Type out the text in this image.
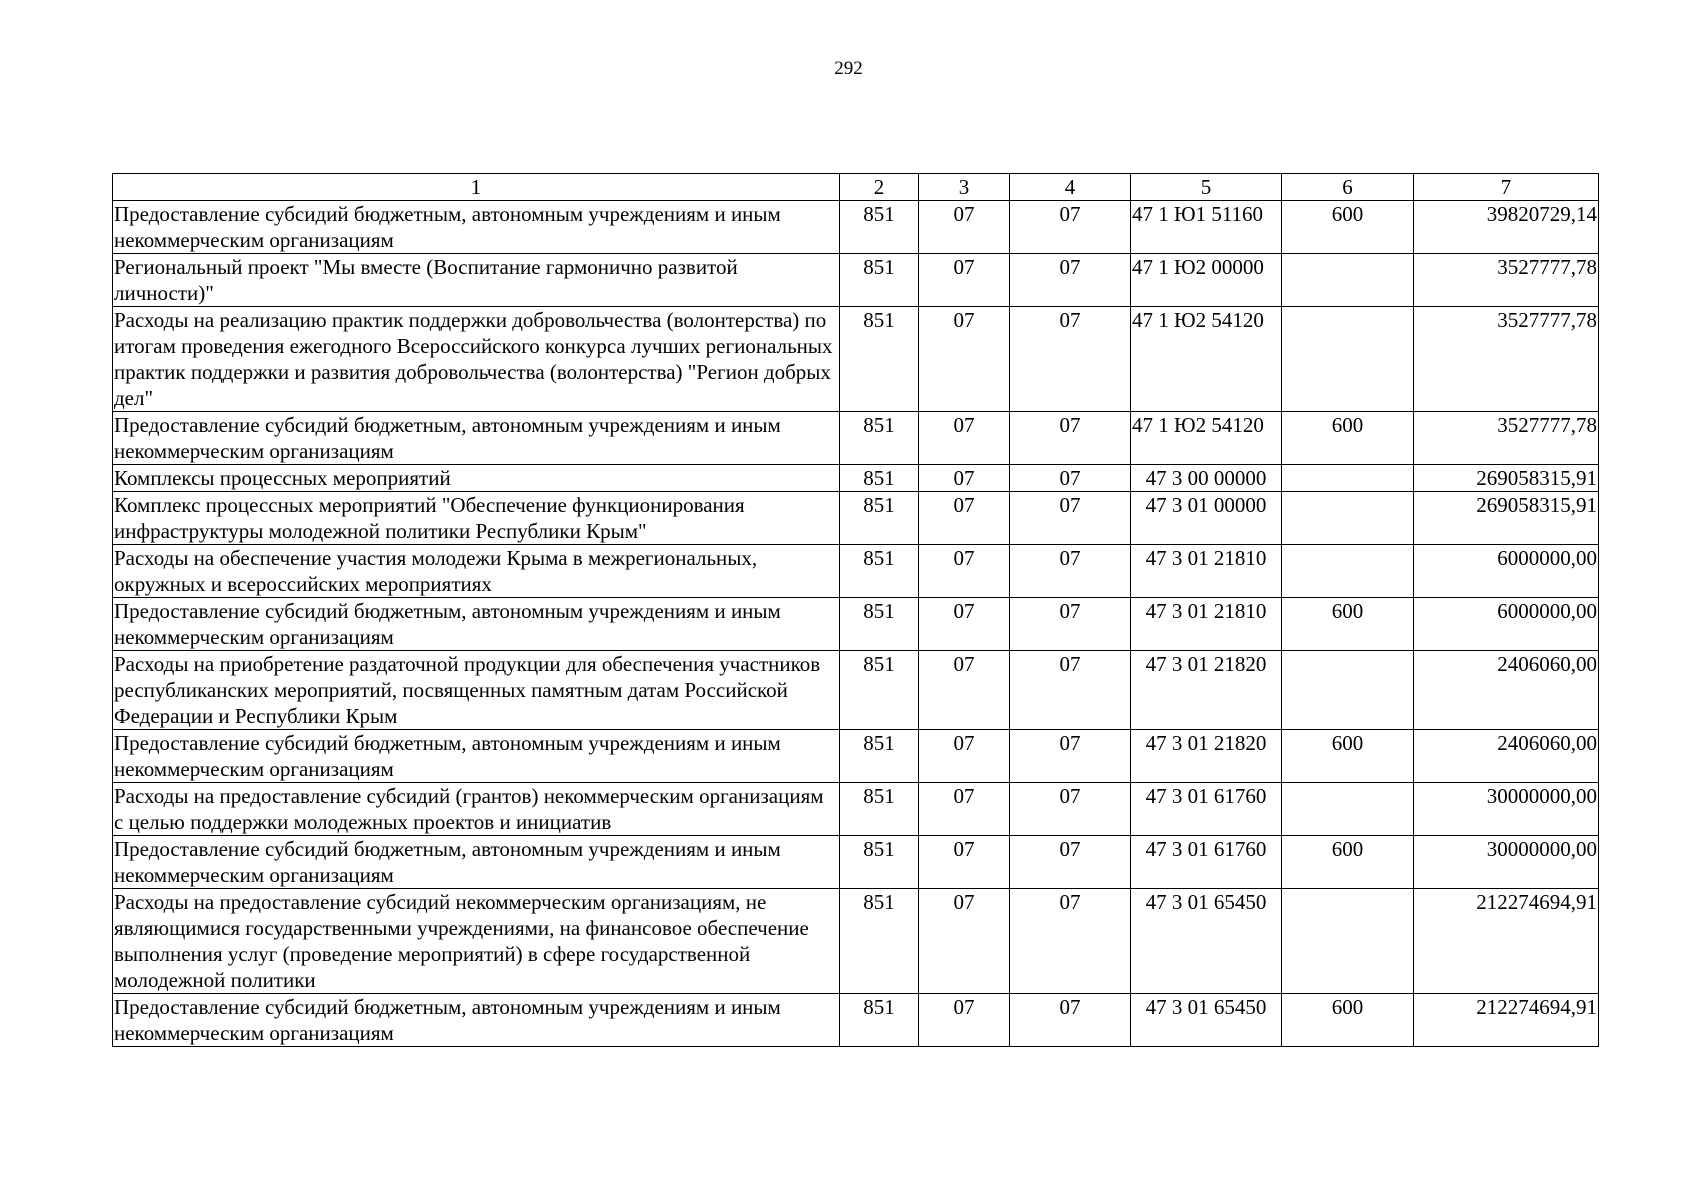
292
1	2	3	4	5	6	7
Предоставление субсидий бюджетным, автономным учреждениям и иным некоммерческим организациям	851	07	07	47 1 Ю1 51160	600	39820729,14
Региональный проект "Мы вместе (Воспитание гармонично развитой личности)"	851	07	07	47 1 Ю2 00000		3527777,78
Расходы на реализацию практик поддержки добровольчества (волонтерства) по итогам проведения ежегодного Всероссийского конкурса лучших региональных практик поддержки и развития добровольчества (волонтерства) "Регион добрых дел"	851	07	07	47 1 Ю2 54120		3527777,78
Предоставление субсидий бюджетным, автономным учреждениям и иным некоммерческим организациям	851	07	07	47 1 Ю2 54120	600	3527777,78
Комплексы процессных мероприятий	851	07	07	47 3 00 00000		269058315,91
Комплекс процессных мероприятий "Обеспечение функционирования инфраструктуры молодежной политики Республики Крым"	851	07	07	47 3 01 00000		269058315,91
Расходы на обеспечение участия молодежи Крыма в межрегиональных, окружных и всероссийских мероприятиях	851	07	07	47 3 01 21810		6000000,00
Предоставление субсидий бюджетным, автономным учреждениям и иным некоммерческим организациям	851	07	07	47 3 01 21810	600	6000000,00
Расходы на приобретение раздаточной продукции для обеспечения участников республиканских мероприятий, посвященных памятным датам Российской Федерации и Республики Крым	851	07	07	47 3 01 21820		2406060,00
Предоставление субсидий бюджетным, автономным учреждениям и иным некоммерческим организациям	851	07	07	47 3 01 21820	600	2406060,00
Расходы на предоставление субсидий (грантов) некоммерческим организациям с целью поддержки молодежных проектов и инициатив	851	07	07	47 3 01 61760		30000000,00
Предоставление субсидий бюджетным, автономным учреждениям и иным некоммерческим организациям	851	07	07	47 3 01 61760	600	30000000,00
Расходы на предоставление субсидий некоммерческим организациям, не являющимися государственными учреждениями, на финансовое обеспечение выполнения услуг (проведение мероприятий) в сфере государственной молодежной политики	851	07	07	47 3 01 65450		212274694,91
Предоставление субсидий бюджетным, автономным учреждениям и иным некоммерческим организациям	851	07	07	47 3 01 65450	600	212274694,91
